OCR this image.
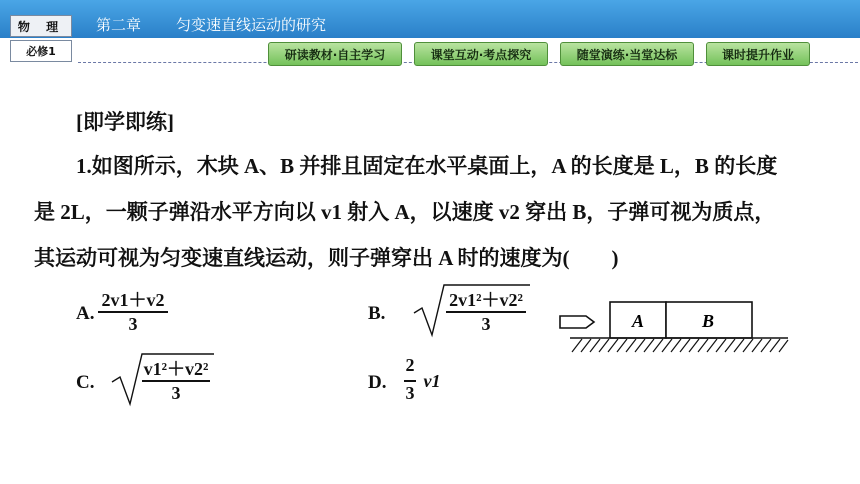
物 理
必修1
第二章 匀变速直线运动的研究
研读教材·自主学习	课堂互动·考点探究	随堂演练·当堂达标	课时提升作业
[即学即练]
1.如图所示，木块 A、B 并排且固定在水平桌面上，A 的长度是 L，B 的长度
是 2L，一颗子弹沿水平方向以 v1 射入 A，以速度 v2 穿出 B，子弹可视为质点，
其运动可视为匀变速直线运动，则子弹穿出 A 时的速度为(　　)
A.
2v1＋v2
3	B.
2v1²＋v2²
3
C.
v1²＋v2²
3	D.
2
3
v1
A	B
